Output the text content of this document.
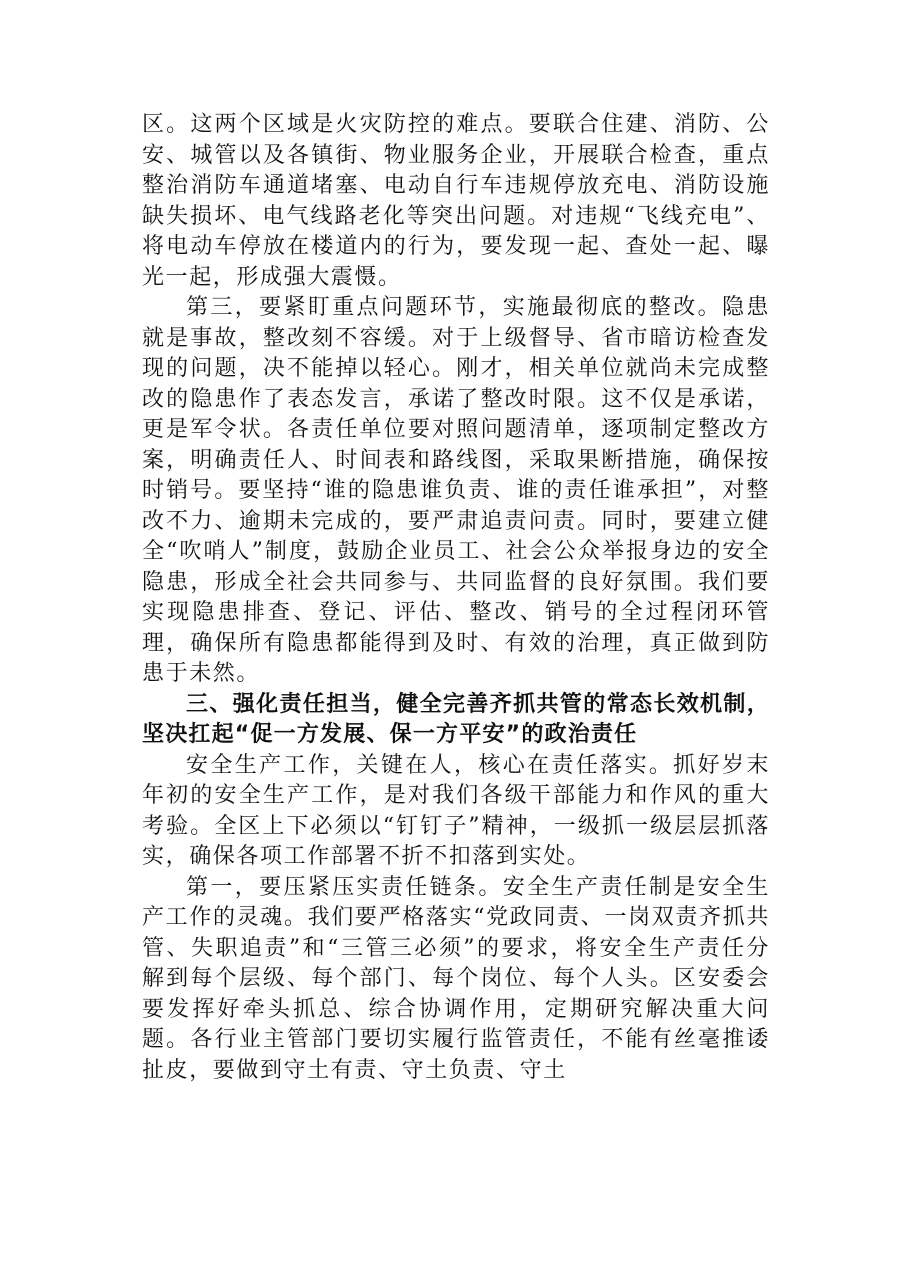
区。这两个区域是火灾防控的难点。要联合住建、消防、公安、城管以及各镇街、物业服务企业，开展联合检查，重点整治消防车通道堵塞、电动自行车违规停放充电、消防设施缺失损坏、电气线路老化等突出问题。对违规“飞线充电”、将电动车停放在楼道内的行为，要发现一起、查处一起、曝光一起，形成强大震慑。

第三，要紧盯重点问题环节，实施最彻底的整改。隐患就是事故，整改刻不容缓。对于上级督导、省市暗访检查发现的问题，决不能掉以轻心。刚才，相关单位就尚未完成整改的隐患作了表态发言，承诺了整改时限。这不仅是承诺，更是军令状。各责任单位要对照问题清单，逐项制定整改方案，明确责任人、时间表和路线图，采取果断措施，确保按时销号。要坚持“谁的隐患谁负责、谁的责任谁承担”，对整改不力、逾期未完成的，要严肃追责问责。同时，要建立健全“吹哨人”制度，鼓励企业员工、社会公众举报身边的安全隐患，形成全社会共同参与、共同监督的良好氛围。我们要实现隐患排查、登记、评估、整改、销号的全过程闭环管理，确保所有隐患都能得到及时、有效的治理，真正做到防患于未然。

三、强化责任担当，健全完善齐抓共管的常态长效机制，坚决扛起“促一方发展、保一方平安”的政治责任

安全生产工作，关键在人，核心在责任落实。抓好岁末年初的安全生产工作，是对我们各级干部能力和作风的重大考验。全区上下必须以“钉钉子”精神，一级抓一级层层抓落实，确保各项工作部署不折不扣落到实处。

第一，要压紧压实责任链条。安全生产责任制是安全生产工作的灵魂。我们要严格落实“党政同责、一岗双责齐抓共管、失职追责”和“三管三必须”的要求，将安全生产责任分解到每个层级、每个部门、每个岗位、每个人头。区安委会要发挥好牵头抓总、综合协调作用，定期研究解决重大问题。各行业主管部门要切实履行监管责任，不能有丝毫推诿扯皮，要做到守土有责、守土负责、守土
